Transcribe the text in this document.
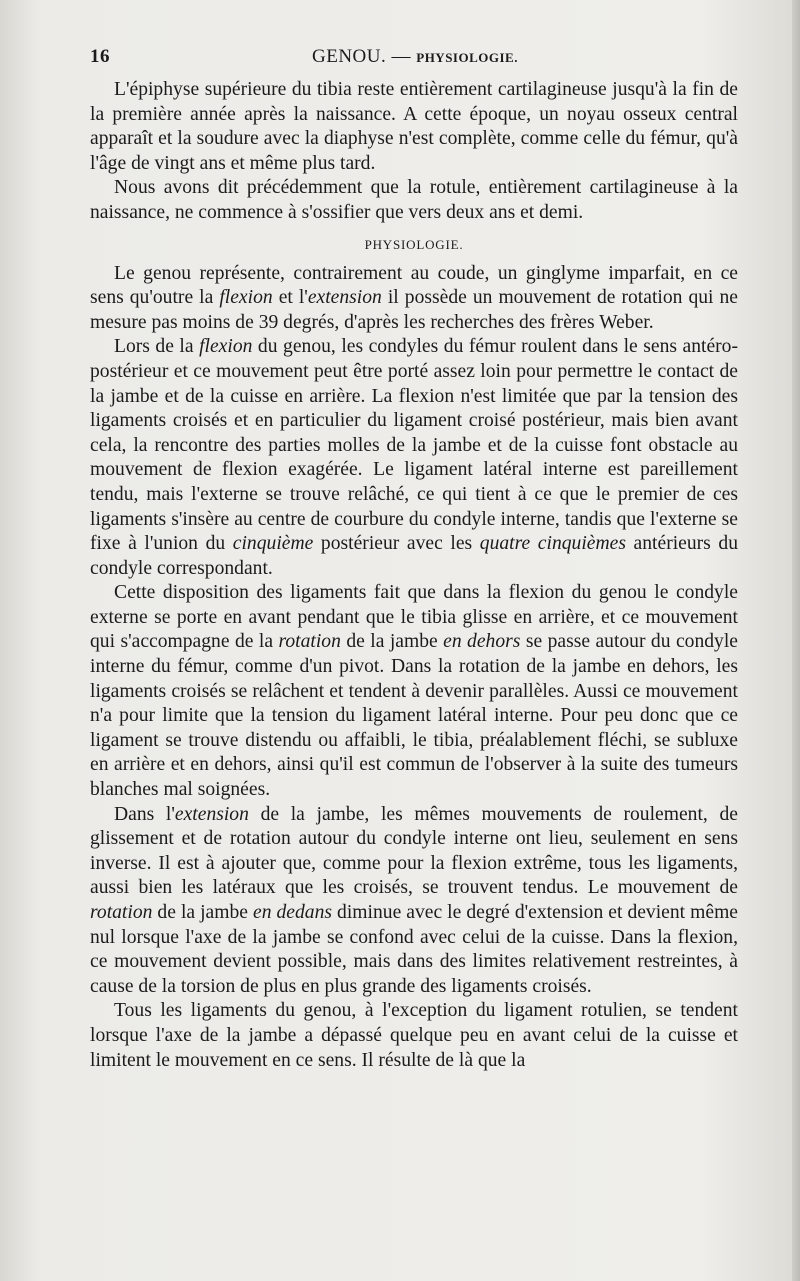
16	GENOU. — PHYSIOLOGIE.

L'épiphyse supérieure du tibia reste entièrement cartilagineuse jusqu'à la fin de la première année après la naissance. A cette époque, un noyau osseux central apparaît et la soudure avec la diaphyse n'est complète, comme celle du fémur, qu'à l'âge de vingt ans et même plus tard.

Nous avons dit précédemment que la rotule, entièrement cartilagineuse à la naissance, ne commence à s'ossifier que vers deux ans et demi.

PHYSIOLOGIE.

Le genou représente, contrairement au coude, un ginglyme imparfait, en ce sens qu'outre la flexion et l'extension il possède un mouvement de rotation qui ne mesure pas moins de 39 degrés, d'après les recherches des frères Weber.

Lors de la flexion du genou, les condyles du fémur roulent dans le sens antéro-postérieur et ce mouvement peut être porté assez loin pour permettre le contact de la jambe et de la cuisse en arrière. La flexion n'est limitée que par la tension des ligaments croisés et en particulier du ligament croisé postérieur, mais bien avant cela, la rencontre des parties molles de la jambe et de la cuisse font obstacle au mouvement de flexion exagérée. Le ligament latéral interne est pareillement tendu, mais l'externe se trouve relâché, ce qui tient à ce que le premier de ces ligaments s'insère au centre de courbure du condyle interne, tandis que l'externe se fixe à l'union du cinquième postérieur avec les quatre cinquièmes antérieurs du condyle correspondant.

Cette disposition des ligaments fait que dans la flexion du genou le condyle externe se porte en avant pendant que le tibia glisse en arrière, et ce mouvement qui s'accompagne de la rotation de la jambe en dehors se passe autour du condyle interne du fémur, comme d'un pivot. Dans la rotation de la jambe en dehors, les ligaments croisés se relâchent et tendent à devenir parallèles. Aussi ce mouvement n'a pour limite que la tension du ligament latéral interne. Pour peu donc que ce ligament se trouve distendu ou affaibli, le tibia, préalablement fléchi, se subluxe en arrière et en dehors, ainsi qu'il est commun de l'observer à la suite des tumeurs blanches mal soignées.

Dans l'extension de la jambe, les mêmes mouvements de roulement, de glissement et de rotation autour du condyle interne ont lieu, seulement en sens inverse. Il est à ajouter que, comme pour la flexion extrême, tous les ligaments, aussi bien les latéraux que les croisés, se trouvent tendus. Le mouvement de rotation de la jambe en dedans diminue avec le degré d'extension et devient même nul lorsque l'axe de la jambe se confond avec celui de la cuisse. Dans la flexion, ce mouvement devient possible, mais dans des limites relativement restreintes, à cause de la torsion de plus en plus grande des ligaments croisés.

Tous les ligaments du genou, à l'exception du ligament rotulien, se tendent lorsque l'axe de la jambe a dépassé quelque peu en avant celui de la cuisse et limitent le mouvement en ce sens. Il résulte de là que la
